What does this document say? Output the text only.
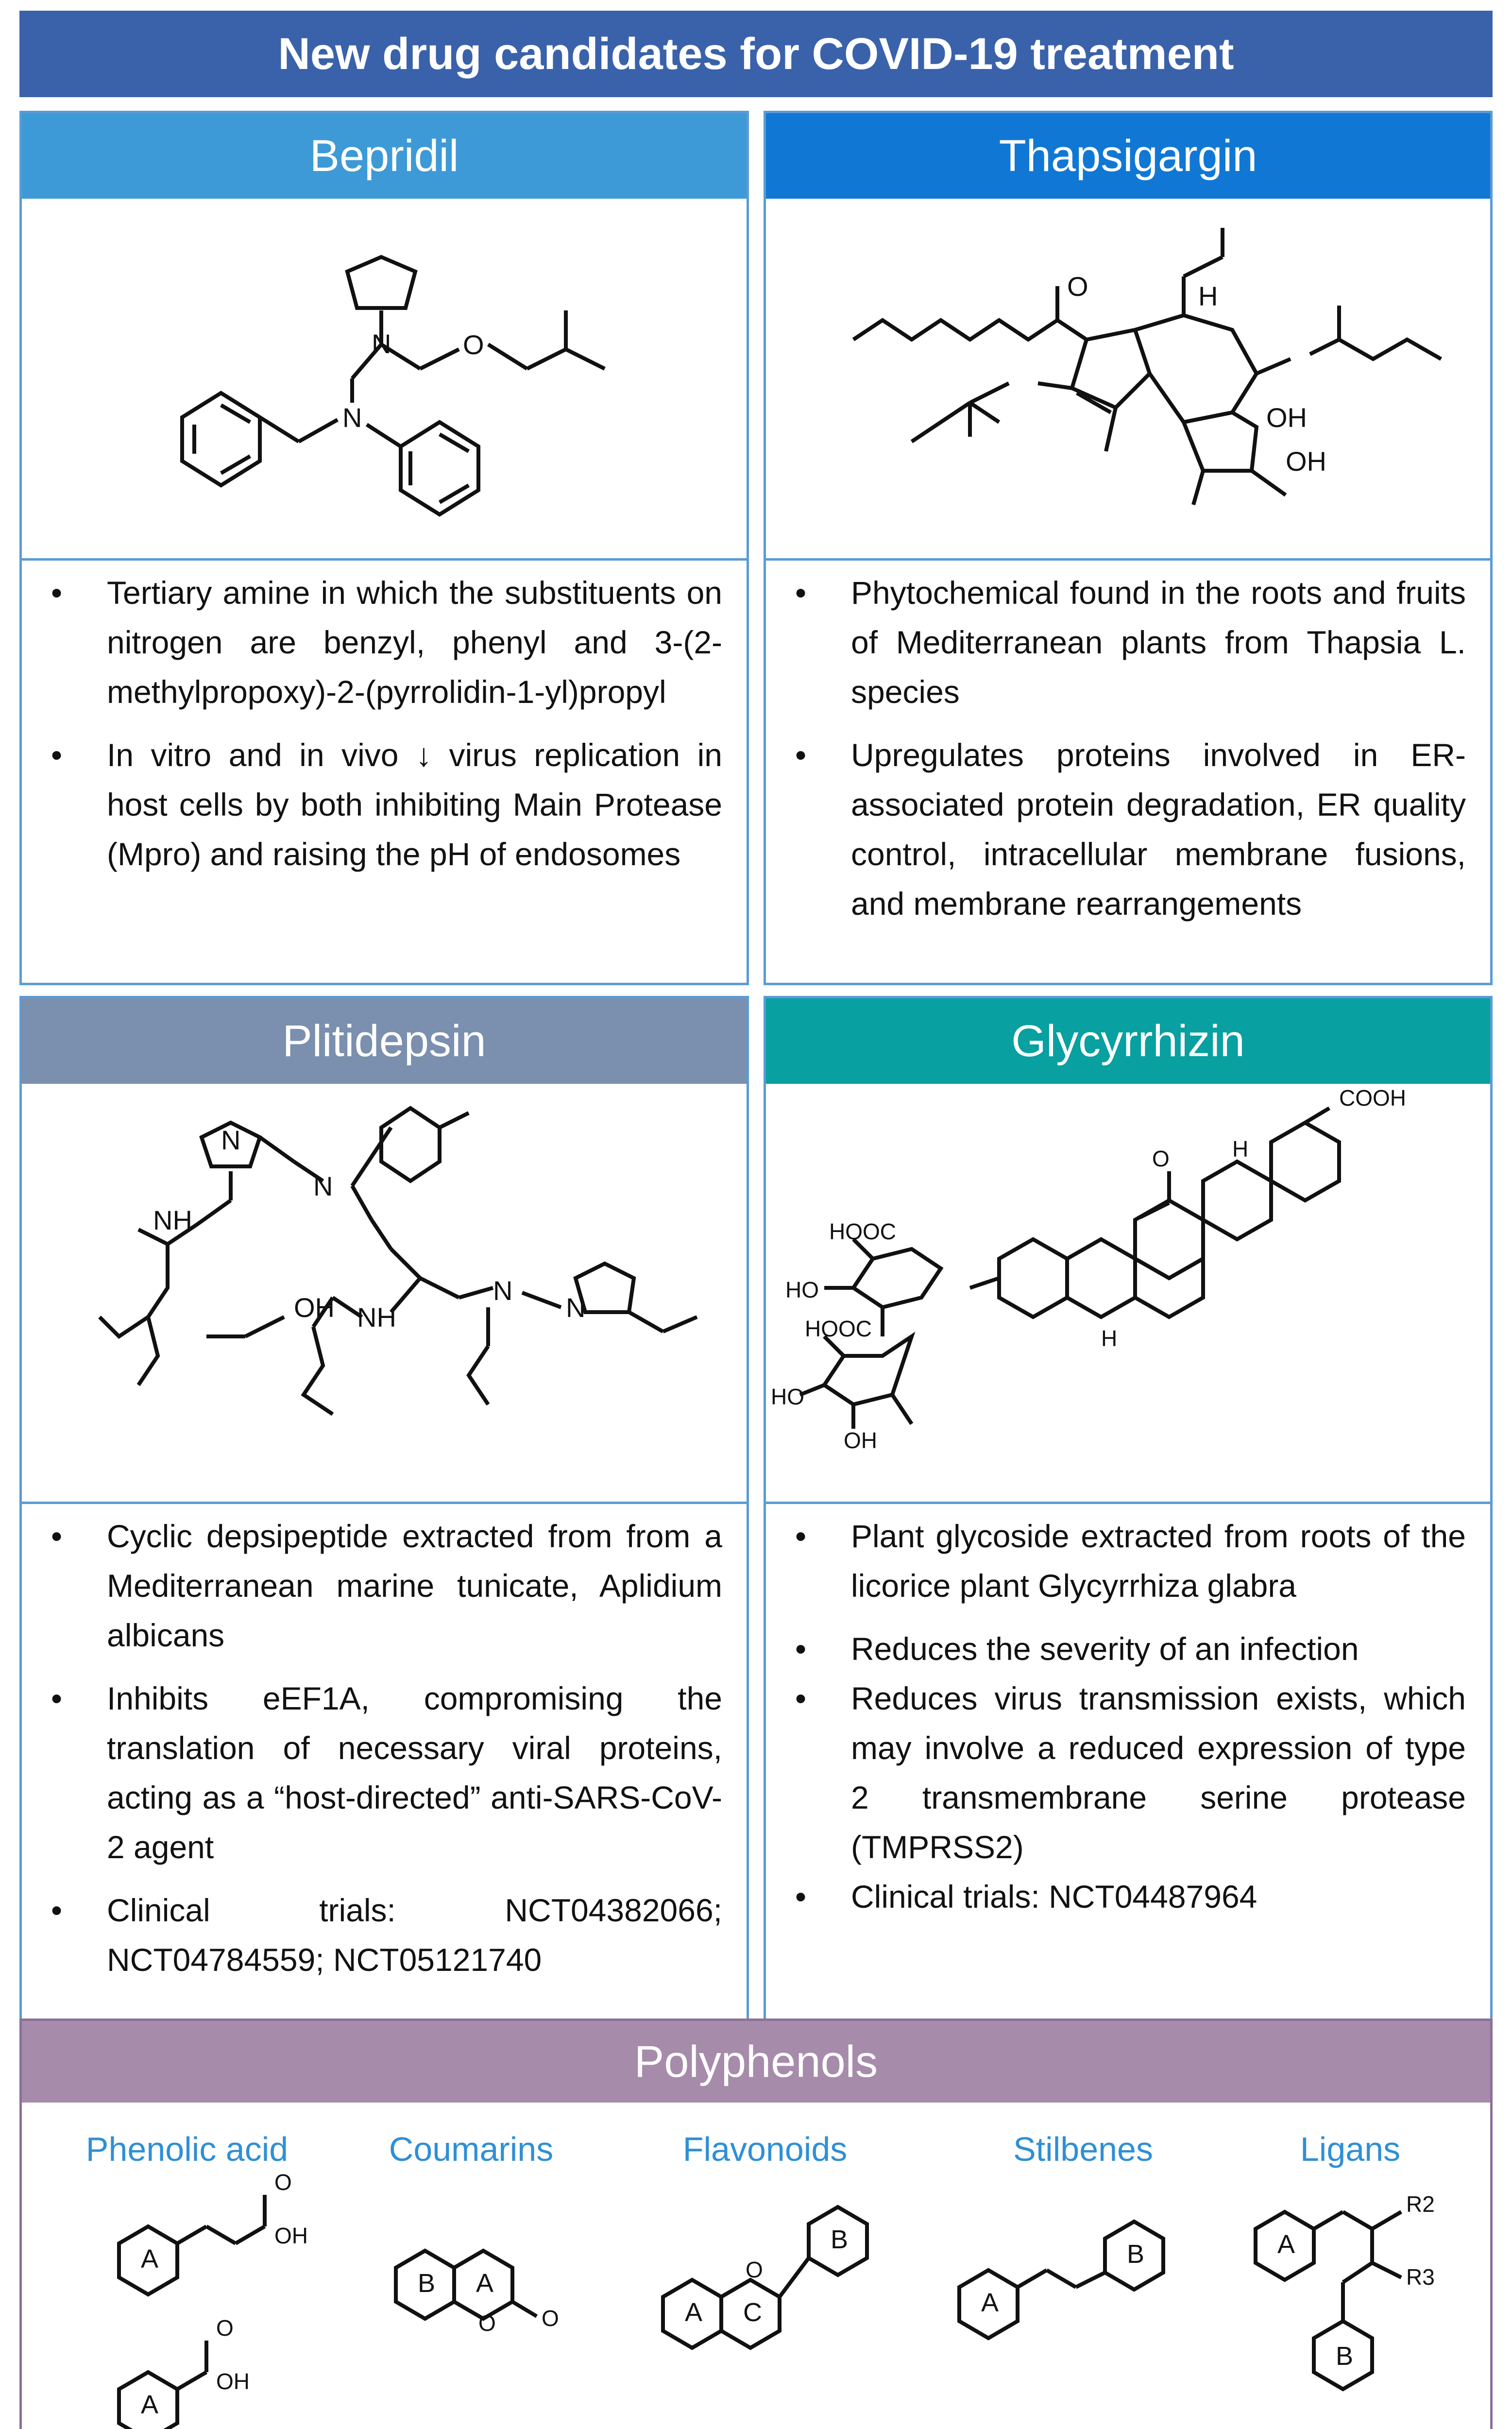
New drug candidates for COVID-19 treatment
Bepridil
N
N
O
• Tertiary amine in which the substituents on nitrogen are benzyl, phenyl and 3-(2-methylpropoxy)-2-(pyrrolidin-1-yl)propyl
• In vitro and in vivo ↓ virus replication in host cells by both inhibiting Main Protease (Mpro) and raising the pH of endosomes
Thapsigargin
O	H
OH
OH
• Phytochemical found in the roots and fruits of Mediterranean plants from Thapsia L. species
• Upregulates proteins involved in ER-associated protein degradation, ER quality control, intracellular membrane fusions, and membrane rearrangements
Plitidepsin
N
N
NH
OH
N
NH	N
• Cyclic depsipeptide extracted from from a Mediterranean marine tunicate, Aplidium albicans
• Inhibits eEF1A, compromising the translation of necessary viral proteins, acting as a “host-directed” anti-SARS-CoV-2 agent
• Clinical trials: NCT04382066; NCT04784559; NCT05121740
Glycyrrhizin
COOH
O	H
HOOC
HO
HOOC
HO
OH
H
• Plant glycoside extracted from roots of the licorice plant Glycyrrhiza glabra
• Reduces the severity of an infection
• Reduces virus transmission exists, which may involve a reduced expression of type 2 transmembrane serine protease (TMPRSS2)
• Clinical trials: NCT04487964
Polyphenols
Phenolic acid	Coumarins	Flavonoids	Stilbenes	Ligans
A
A
B A
A C
B
A
B	A
B
O
OH
O
OH
O
O
O
R2
R3
